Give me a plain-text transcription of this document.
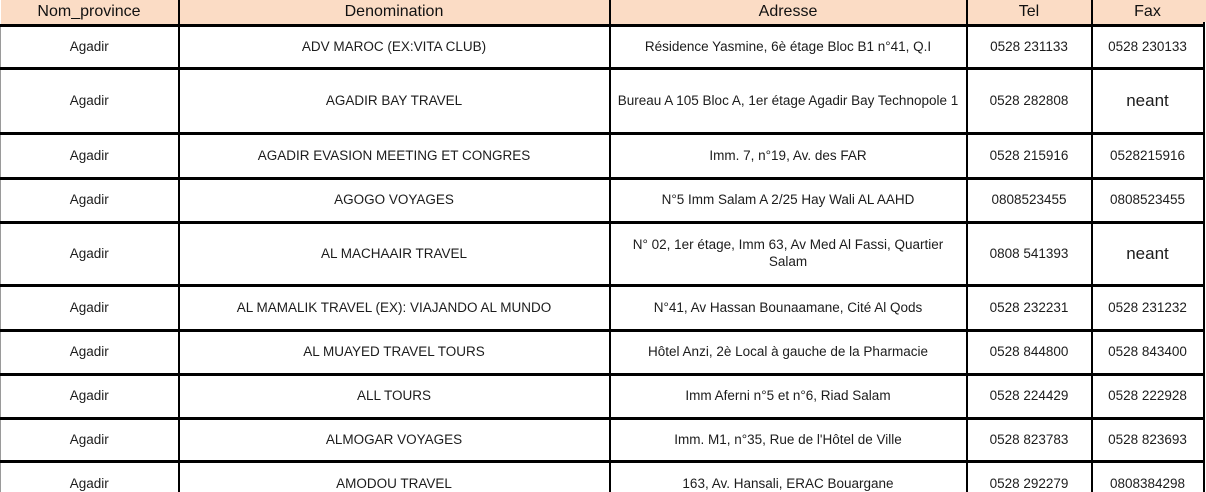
Nom_province	Denomination	Adresse	Tel	Fax
Agadir	ADV MAROC (EX:VITA CLUB)	Résidence Yasmine, 6è étage Bloc B1 n°41, Q.I	0528 231133	0528 230133
Agadir	AGADIR BAY TRAVEL	Bureau A 105 Bloc A, 1er étage Agadir Bay Technopole 1	0528 282808	neant
Agadir	AGADIR EVASION MEETING ET CONGRES	Imm. 7, n°19, Av. des FAR	0528 215916	0528215916
Agadir	AGOGO VOYAGES	N°5 Imm Salam A 2/25 Hay Wali AL AAHD	0808523455	0808523455
Agadir	AL MACHAAIR TRAVEL	N° 02, 1er étage, Imm 63, Av Med Al Fassi, Quartier Salam	0808 541393	neant
Agadir	AL MAMALIK TRAVEL (EX): VIAJANDO AL MUNDO	N°41, Av Hassan Bounaamane, Cité Al Qods	0528 232231	0528 231232
Agadir	AL MUAYED TRAVEL TOURS	Hôtel Anzi, 2è Local à gauche de la Pharmacie	0528 844800	0528 843400
Agadir	ALL TOURS	Imm Aferni n°5 et n°6, Riad Salam	0528 224429	0528 222928
Agadir	ALMOGAR VOYAGES	Imm. M1, n°35, Rue de l'Hôtel de Ville	0528 823783	0528 823693
Agadir	AMODOU TRAVEL	163, Av. Hansali, ERAC Bouargane	0528 292279	0808384298
